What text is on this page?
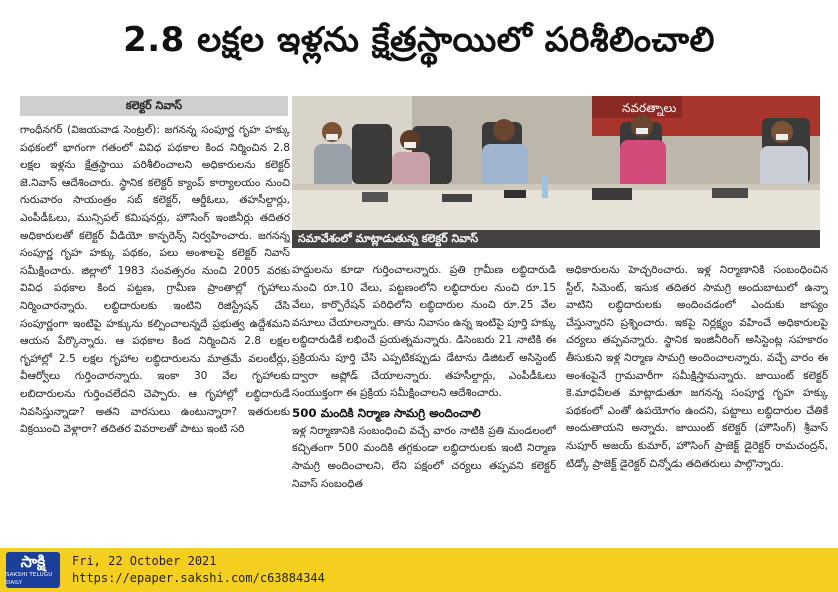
2.8 లక్షల ఇళ్లను క్షేత్రస్థాయిలో పరిశీలించాలి
కలెక్టర్ నివాస్

గాంధీనగర్ (విజయవాడ సెంట్రల్): జగనన్న సంపూర్ణ గృహ హక్కు పథకంలో భాగంగా గతంలో వివిధ పథకాల కింద నిర్మించిన 2.8 లక్షల ఇళ్లను క్షేత్రస్థాయి పరిశీలించాలని అధికారులను కలెక్టర్ జె.నివాస్ ఆదేశించారు. స్థానిక కలెక్టర్ క్యాంప్ కార్యాలయం నుంచి గురువారం సాయంత్రం సబ్ కలెక్టర్, ఆర్డీఓలు, తహసీల్దార్లు, ఎంపీడీఓలు, మున్సిపల్ కమిషనర్లు, హౌసింగ్ ఇంజినీర్లు తదితర అధికారులతో కలెక్టర్ వీడియో కాన్ఫరెన్స్ నిర్వహించారు. జగనన్న సంపూర్ణ గృహ హక్కు పథకం, పలు అంశాలపై కలెక్టర్ నివాస్ సమీక్షించారు. జిల్లాలో 1983 సంవత్సరం నుంచి 2005 వరకు వివిధ పథకాల కింద పట్టణ, గ్రామీణ ప్రాంతాల్లో గృహాలు నిర్మించారన్నారు. లబ్ధిదారులకు ఇంటిని రిజిస్ట్రేషన్ చేసి సంపూర్ణంగా ఇంటిపై హక్కును కల్పించాలన్నదే ప్రభుత్వ ఉద్దేశమని ఆయన పేర్కొన్నారు. ఆ పథకాల కింద నిర్మించిన 2.8 లక్షల గృహాల్లో 2.5 లక్షల గృహాల లబ్ధిదారులను మాత్రమే వలంటీర్లు, వీఆర్వోలు గుర్తించారన్నారు. ఇంకా 30 వేల గృహాలకు లబిదారులను గుర్తించలేదని చెప్పారు. ఆ గృహాల్లో లబ్ధిదారుడే నివసిస్తున్నాడా? అతని వారసులు ఉంటున్నారా? ఇతరులకు విక్రయించి వెళ్లారా? తదితర వివరాలతో పాటు ఇంటి సరి

నవరత్నాలు
సమావేశంలో మాట్లాడుతున్న కలెక్టర్ నివాస్

హద్దులను కూడా గుర్తించాలన్నారు. ప్రతి గ్రామీణ లబ్ధిదారుడి నుంచి రూ.10 వేలు, పట్టణంలోని లబ్ధిదారుల నుంచి రూ.15 వేలు, కార్పొరేషన్ పరిధిలోని లబ్ధిదారుల నుంచి రూ.25 వేల వసూలు చేయాలన్నారు. తాను నివాసం ఉన్న ఇంటిపై పూర్తి హక్కు లబ్ధిదారుడికే లభించే ప్రయత్నమన్నారు. డిసెంబరు 21 నాటికి ఈ ప్రక్రియను పూర్తి చేసి ఎప్పటికప్పుడు డేటాను డిజిటల్ అసిస్టెంట్ ద్వారా అప్లోడ్ చేయాలన్నారు. తహసీల్దార్లు, ఎంపీడీఓలు సంయుక్తంగా ఈ ప్రక్రియ సమీక్షించాలని ఆదేశించారు.

500 మందికి నిర్మాణ సామగ్రి అందించాలి

ఇళ్ల నిర్మాణానికి సంబంధించి వచ్చే వారం నాటికి ప్రతి మండలంలో కచ్చితంగా 500 మందికి తగ్గకుండా లబ్ధిదారులకు ఇంటి నిర్మాణ సామగ్రి అందించాలని, లేని పక్షంలో చర్యలు తప్పవని కలెక్టర్ నివాస్ సంబంధిత

అధికారులను హెచ్చరించారు. ఇళ్ల నిర్మాణానికి సంబంధించిన స్టీల్, సిమెంట్, ఇసుక తదితర సామగ్రి అందుబాటులో ఉన్నా వాటిని లబ్ధిదారులకు అందించడంలో ఎందుకు జాప్యం చేస్తున్నారని ప్రశ్నించారు. ఇకపై నిర్లక్ష్యం వహించే అధికారులపై చర్యలు తప్పవన్నారు. స్థానిక ఇంజినీరింగ్ అసిస్టెంట్ల సహకారం తీసుకుని ఇళ్ల నిర్మాణ సామగ్రి అందించాలన్నారు. వచ్చే వారం ఈ అంశంపైనే గ్రామవారీగా సమీక్షిస్తామన్నారు. జాయింట్ కలెక్టర్ కె.మాధవీలత మాట్లాడుతూ జగనన్న సంపూర్ణ గృహ హక్కు పథకంలో ఎంతో ఉపయోగం ఉందని, పట్టాలు లబ్ధిదారుల చేతికే అందుతాయని అన్నారు. జాయింట్ కలెక్టర్ (హౌసింగ్) శ్రీవాస్ నుపూర్ అజయ్ కుమార్, హౌసింగ్ ప్రాజెక్ట్ డైరెక్టర్ రామచంద్రన్, టిడ్కో ప్రాజెక్ట్ డైరెక్టర్ చిన్నోడు తదితరులు పాల్గొన్నారు.

సాక్షి
SAKSHI TELUGU DAILY
Fri, 22 October 2021
https://epaper.sakshi.com/c63884344
